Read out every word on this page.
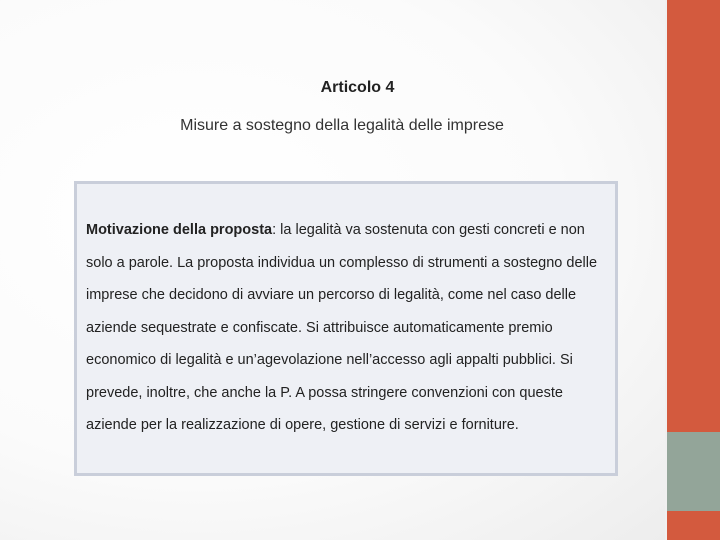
Articolo 4
Misure a sostegno della legalità delle imprese

Motivazione della proposta: la legalità va sostenuta con gesti concreti e non solo a parole. La proposta individua un complesso di strumenti a sostegno delle imprese che decidono di avviare un percorso di legalità, come nel caso delle aziende sequestrate e confiscate. Si attribuisce automaticamente premio economico di legalità e un’agevolazione nell’accesso agli appalti pubblici. Si prevede, inoltre, che anche la P. A possa stringere convenzioni con queste aziende per la realizzazione di opere, gestione di servizi e forniture.
